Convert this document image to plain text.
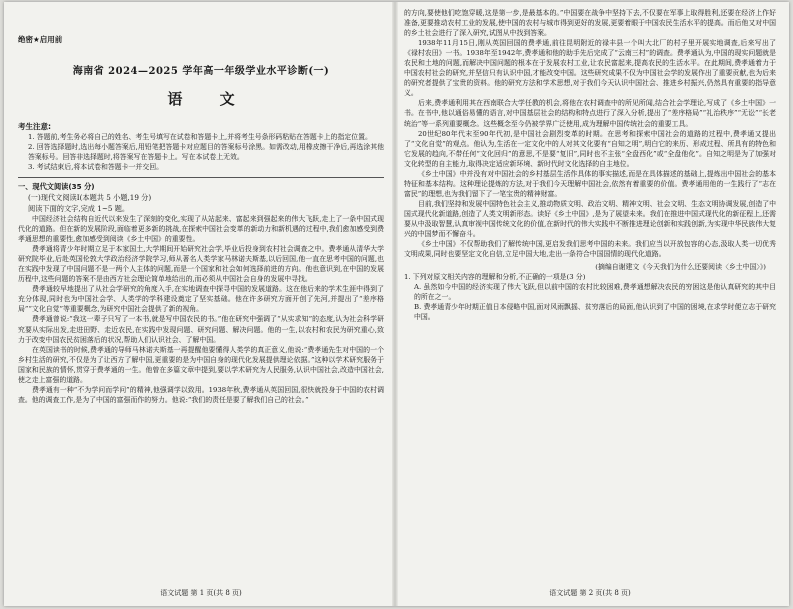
绝密★启用前
海南省 2024—2025 学年高一年级学业水平诊断(一)
语 文
考生注意:

1. 答题前,考生务必将自己的姓名、考生号填写在试卷和答题卡上,并将考生号条形码粘贴在答题卡上的指定位置。

2. 回答选择题时,选出每小题答案后,用铅笔把答题卡对应题目的答案标号涂黑。如需改动,用橡皮擦干净后,再选涂其他答案标号。回答非选择题时,将答案写在答题卡上。写在本试卷上无效。

3. 考试结束后,将本试卷和答题卡一并交回。

一、现代文阅读(35 分)
(一)现代文阅读Ⅰ(本题共 5 小题,19 分)
阅读下面的文字,完成 1~5 题。

中国经济社会结构自近代以来发生了深刻的变化,实现了从站起来、富起来到强起来的伟大飞跃,走上了一条中国式现代化的道路。但在新的发展阶段,面临着更多新的挑战,在探索中国社会变革的新动力和新机遇的过程中,我们愈加感受到费孝通思想的重要性,愈加感受到阅读《乡土中国》的重要性。

费孝通将青少年时期立足于本家国土,大学期间开始研究社会学,毕业后投身到农村社会调查之中。费孝通从清华大学研究院毕业,后赴英国伦敦大学政治经济学院学习,师从著名人类学家马林诺夫斯基,以后回国,他一直在思考中国的问题,也在实践中发现了中国问题不是一两个人主体的问题,而是一个国家和社会如何选择前进的方向。他也意识到,在中国的发展历程中,这些问题的答案不是由西方社会理论简单地给出的,而必须从中国社会自身的发展中寻找。

费孝通较早地提出了从社会学研究的角度入手,在实地调查中探寻中国的发展道路。这在他后来的学术生涯中得到了充分体现,同时也为中国社会学、人类学的学科建设奠定了坚实基础。他在许多研究方面开创了先河,并提出了“差序格局”“文化自觉”等重要概念,为研究中国社会提供了新的视角。

费孝通曾说:“我这一辈子只写了一本书,就是写中国农民的书。”他在研究中强调了“从实求知”的态度,认为社会科学研究要从实际出发,走进田野、走近农民,在实践中发现问题、研究问题、解决问题。他的一生,以农村和农民为研究重心,致力于改变中国农民贫困落后的状况,帮助人们认识社会、了解中国。

在英国读书的时候,费孝通的导师马林诺夫斯基一再提醒他要懂得人类学的真正意义,他说:“费孝通先生对中国的一个乡村生活的研究,不仅是为了让西方了解中国,更重要的是为中国自身的现代化发展提供理论依据。”这种以学术研究服务于国家和民族的情怀,贯穿于费孝通的一生。他曾在多篇文章中提到,要以学术研究为人民服务,认识中国社会,改造中国社会,使之走上富强的道路。

费孝通有一种“不为学问而学问”的精神,他强调学以致用。1938年秋,费孝通从英国回国,很快就投身于中国的农村调查。他的调查工作,是为了中国的富强而作的努力。他说:“我们的责任是要了解我们自己的社会。”

语文试题 第 1 页(共 8 页)

的方向,要使他们吃饱穿暖,这是第一步,是最基本的。”中国要在战争中坚持下去,不仅要在军事上取得胜利,还要在经济上作好准备,更要推动农村工业的发展,使中国的农村与城市得到更好的发展,更要着眼于中国农民生活水平的提高。而后他又对中国的乡土社会进行了深入研究,试图从中找到答案。

1938年11月15日,刚从英国回国的费孝通,前往昆明附近的禄丰县一个叫大北厂的村子里开展实地调查,后来写出了《禄村农田》一书。1938年至1942年,费孝通和他的助手先后完成了“云南三村”的调查。费孝通认为,中国的现实问题就是农民和土地的问题,而解决中国问题的根本在于发展农村工业,让农民富起来,提高农民的生活水平。在此期间,费孝通着力于中国农村社会的研究,并坚信只有认识中国,才能改变中国。这些研究成果不仅为中国社会学的发展作出了重要贡献,也为后来的研究者提供了宝贵的资料。他的研究方法和学术思想,对于我们今天认识中国社会、推进乡村振兴,仍然具有重要的指导意义。

后来,费孝通利用其在西南联合大学任教的机会,将他在农村调查中的所见所闻,结合社会学理论,写成了《乡土中国》一书。在书中,他以通俗易懂的语言,对中国基层社会的结构和特点进行了深入分析,提出了“差序格局”“礼治秩序”“无讼”“长老统治”等一系列重要概念。这些概念至今仍被学界广泛使用,成为理解中国传统社会的重要工具。

20世纪80年代末至90年代初,是中国社会剧烈变革的时期。在思考和探索中国社会的道路的过程中,费孝通又提出了“文化自觉”的观点。他认为,生活在一定文化中的人对其文化要有“自知之明”,明白它的来历、形成过程、所具有的特色和它发展的趋向,不带任何“文化回归”的意思,不是要“复旧”,同时也不主张“全盘西化”或“全盘他化”。自知之明是为了加强对文化转型的自主能力,取得决定适应新环境、新时代时文化选择的自主地位。

《乡土中国》中并没有对中国社会的乡村基层生活作具体的事实描述,而是在具体描述的基础上,提炼出中国社会的基本特征和基本结构。这种理论提炼的方法,对于我们今天理解中国社会,依然有着重要的价值。费孝通用他的一生践行了“志在富民”的理想,也为我们留下了一笔宝贵的精神财富。

目前,我们坚持和发展中国特色社会主义,推动物质文明、政治文明、精神文明、社会文明、生态文明协调发展,创造了中国式现代化新道路,创造了人类文明新形态。读好《乡土中国》,是为了展望未来。我们在推进中国式现代化的新征程上,还需要从中汲取智慧,认真审视中国传统文化的价值,在新时代的伟大实践中不断推进理论创新和实践创新,为实现中华民族伟大复兴的中国梦而不懈奋斗。

《乡土中国》不仅帮助我们了解传统中国,更启发我们思考中国的未来。我们应当以开放包容的心态,汲取人类一切优秀文明成果,同时也要坚定文化自信,立足中国大地,走出一条符合中国国情的现代化道路。

(摘编自谢建文《今天我们为什么还要阅读〈乡土中国〉》)
1. 下列对原文相关内容的理解和分析,不正确的一项是(3 分)
A. 虽然如今中国的经济实现了伟大飞跃,但以前中国的农村比较困难,费孝通想解决农民的穷困这是他认真研究的其中目的所在之一。
B. 费孝通青少年时期正值日本侵略中国,面对风雨飘摇、贫穷落后的局面,他认识到了中国的困境,在求学时便立志于研究中国。
语文试题 第 2 页(共 8 页)
